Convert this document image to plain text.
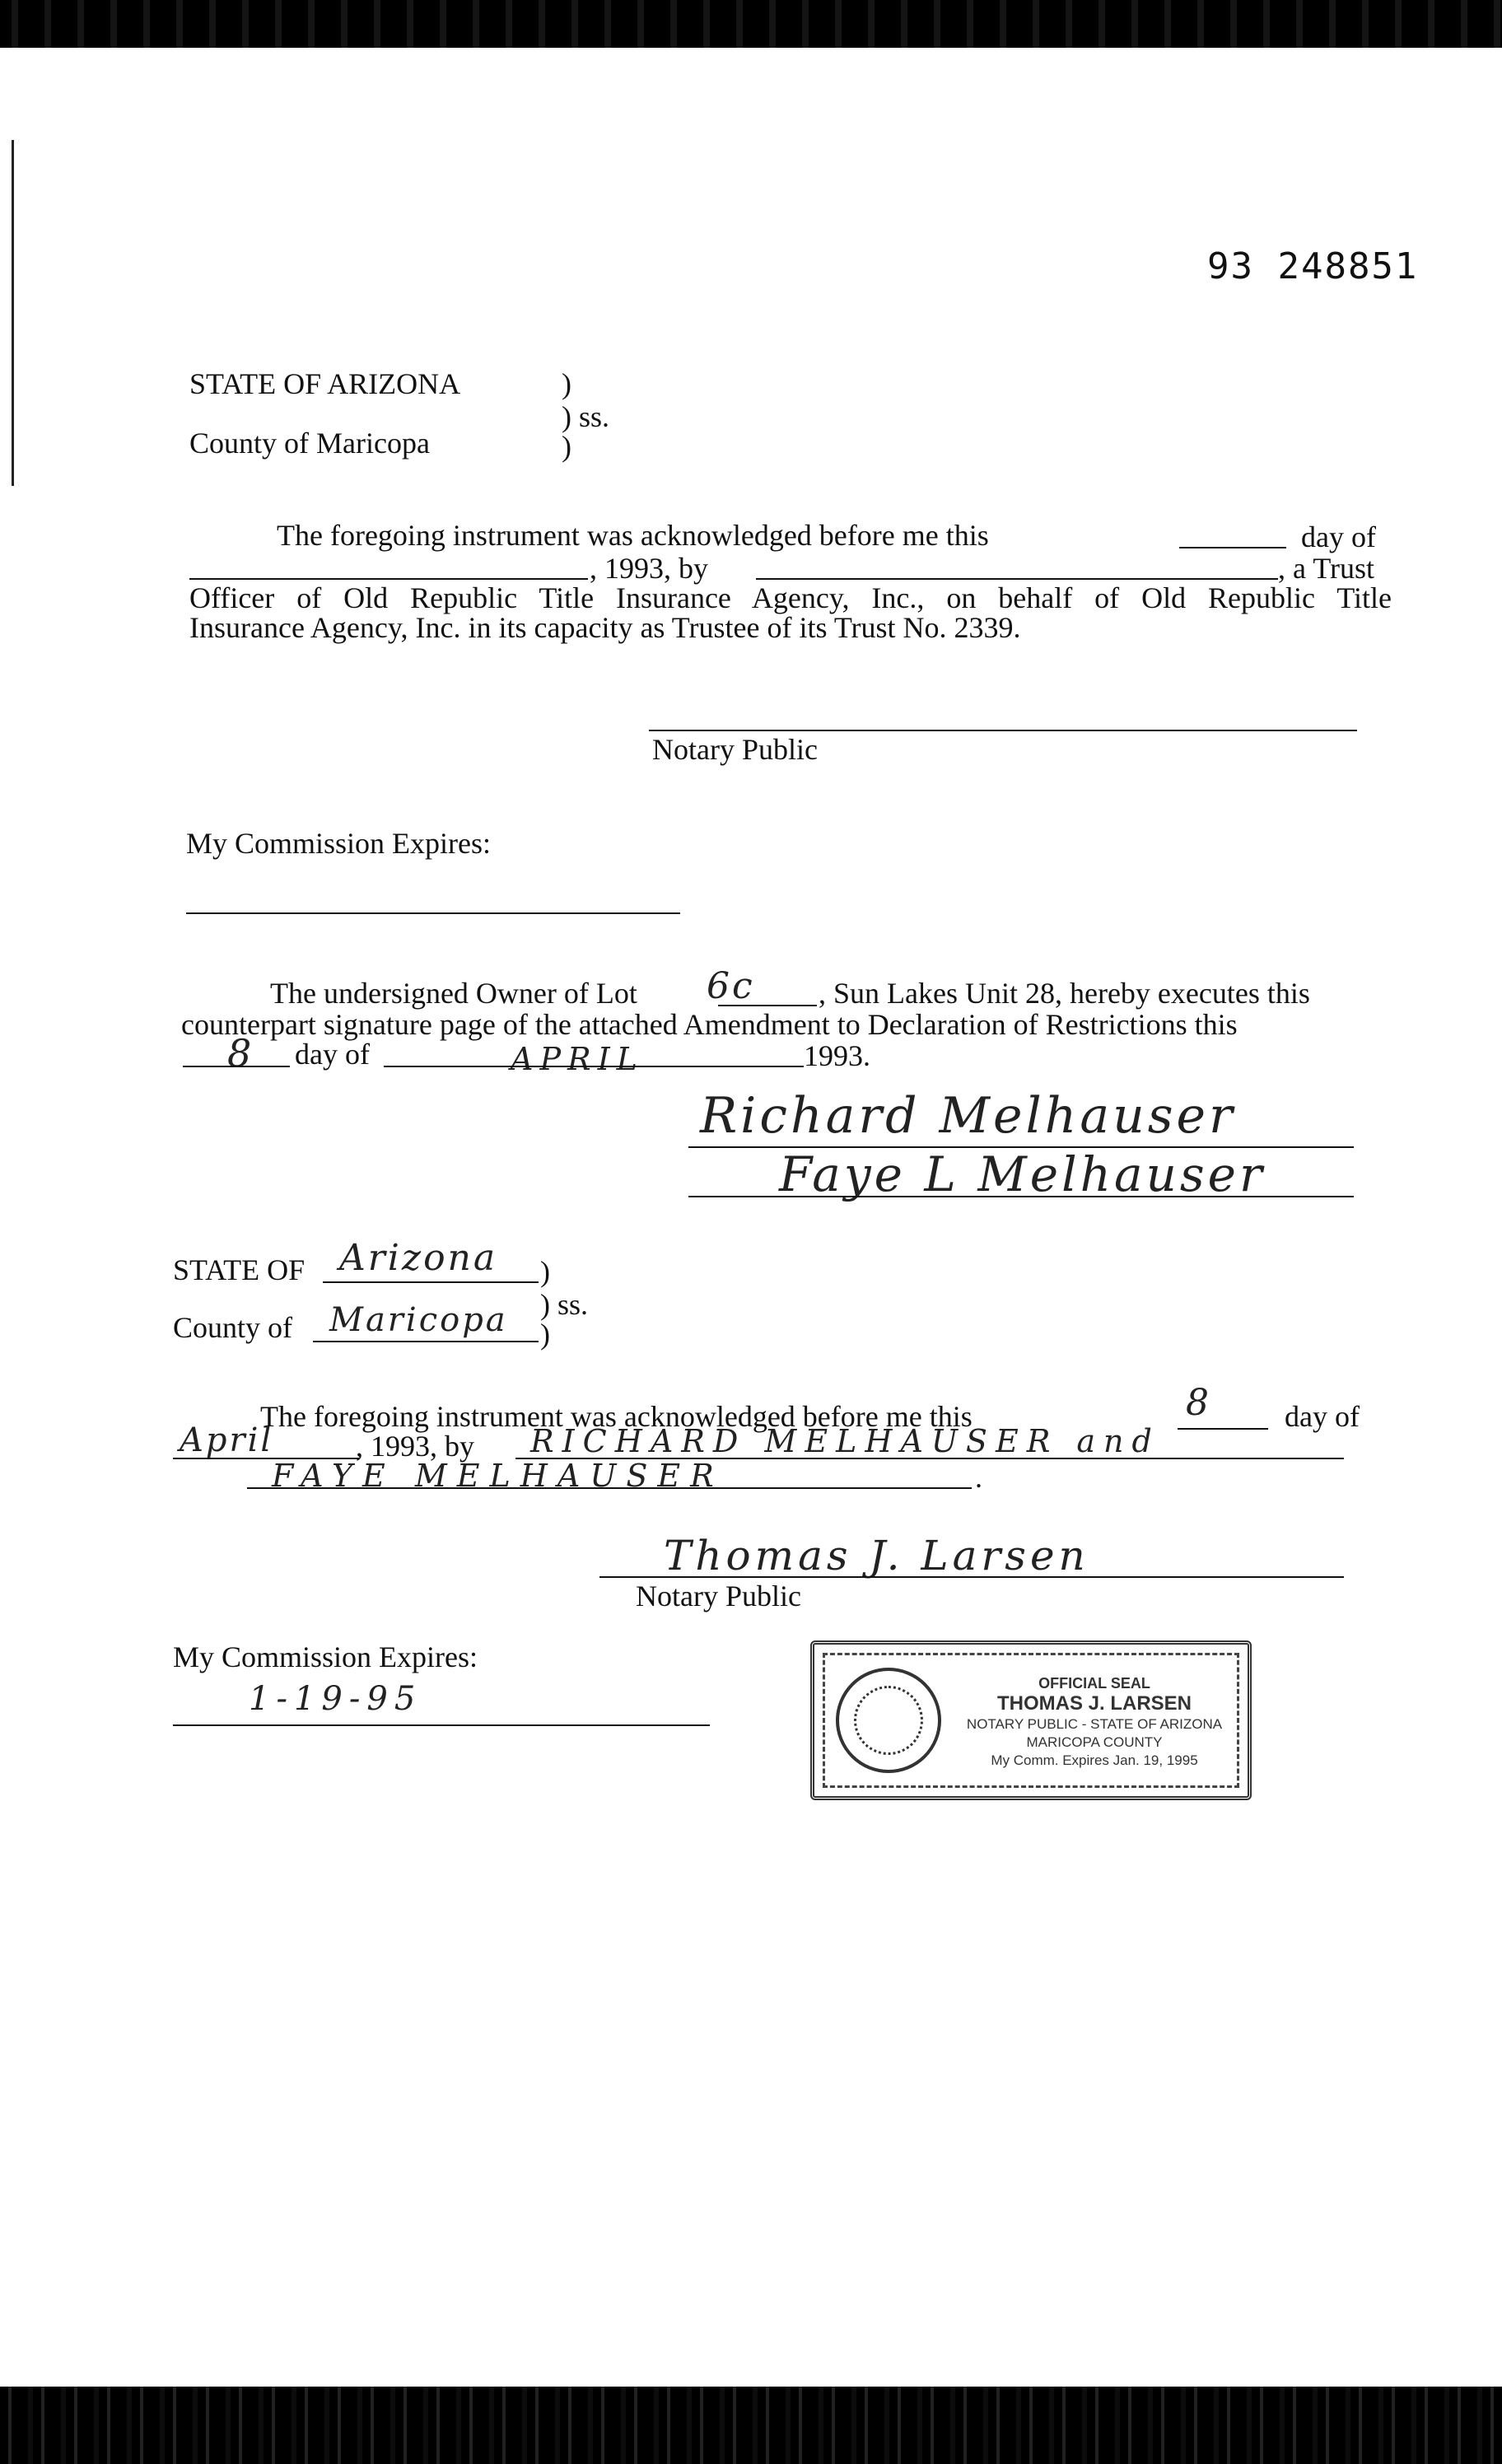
93 248851
STATE OF ARIZONA	)
) ss.
County of Maricopa	)
The foregoing instrument was acknowledged before me this	day of
, 1993, by	, a Trust
Officer of Old Republic Title Insurance Agency, Inc., on behalf of Old Republic Title
Insurance Agency, Inc. in its capacity as Trustee of its Trust No. 2339.
Notary Public
My Commission Expires:
The undersigned Owner of Lot 6c , Sun Lakes Unit 28, hereby executes this
counterpart signature page of the attached Amendment to Declaration of Restrictions this
8 day of	APRIL	1993.
Richard Melhauser
Faye L Melhauser
STATE OF Arizona )
) ss.
County of Maricopa )
The foregoing instrument was acknowledged before me this	8 day of
April	, 1993, by RICHARD MELHAUSER and
FAYE MELHAUSER	.
Thomas J. Larsen
Notary Public
My Commission Expires:
1-19-95	OFFICIAL SEAL
THOMAS J. LARSEN
NOTARY PUBLIC - STATE OF ARIZONA
MARICOPA COUNTY
My Comm. Expires Jan. 19, 1995
